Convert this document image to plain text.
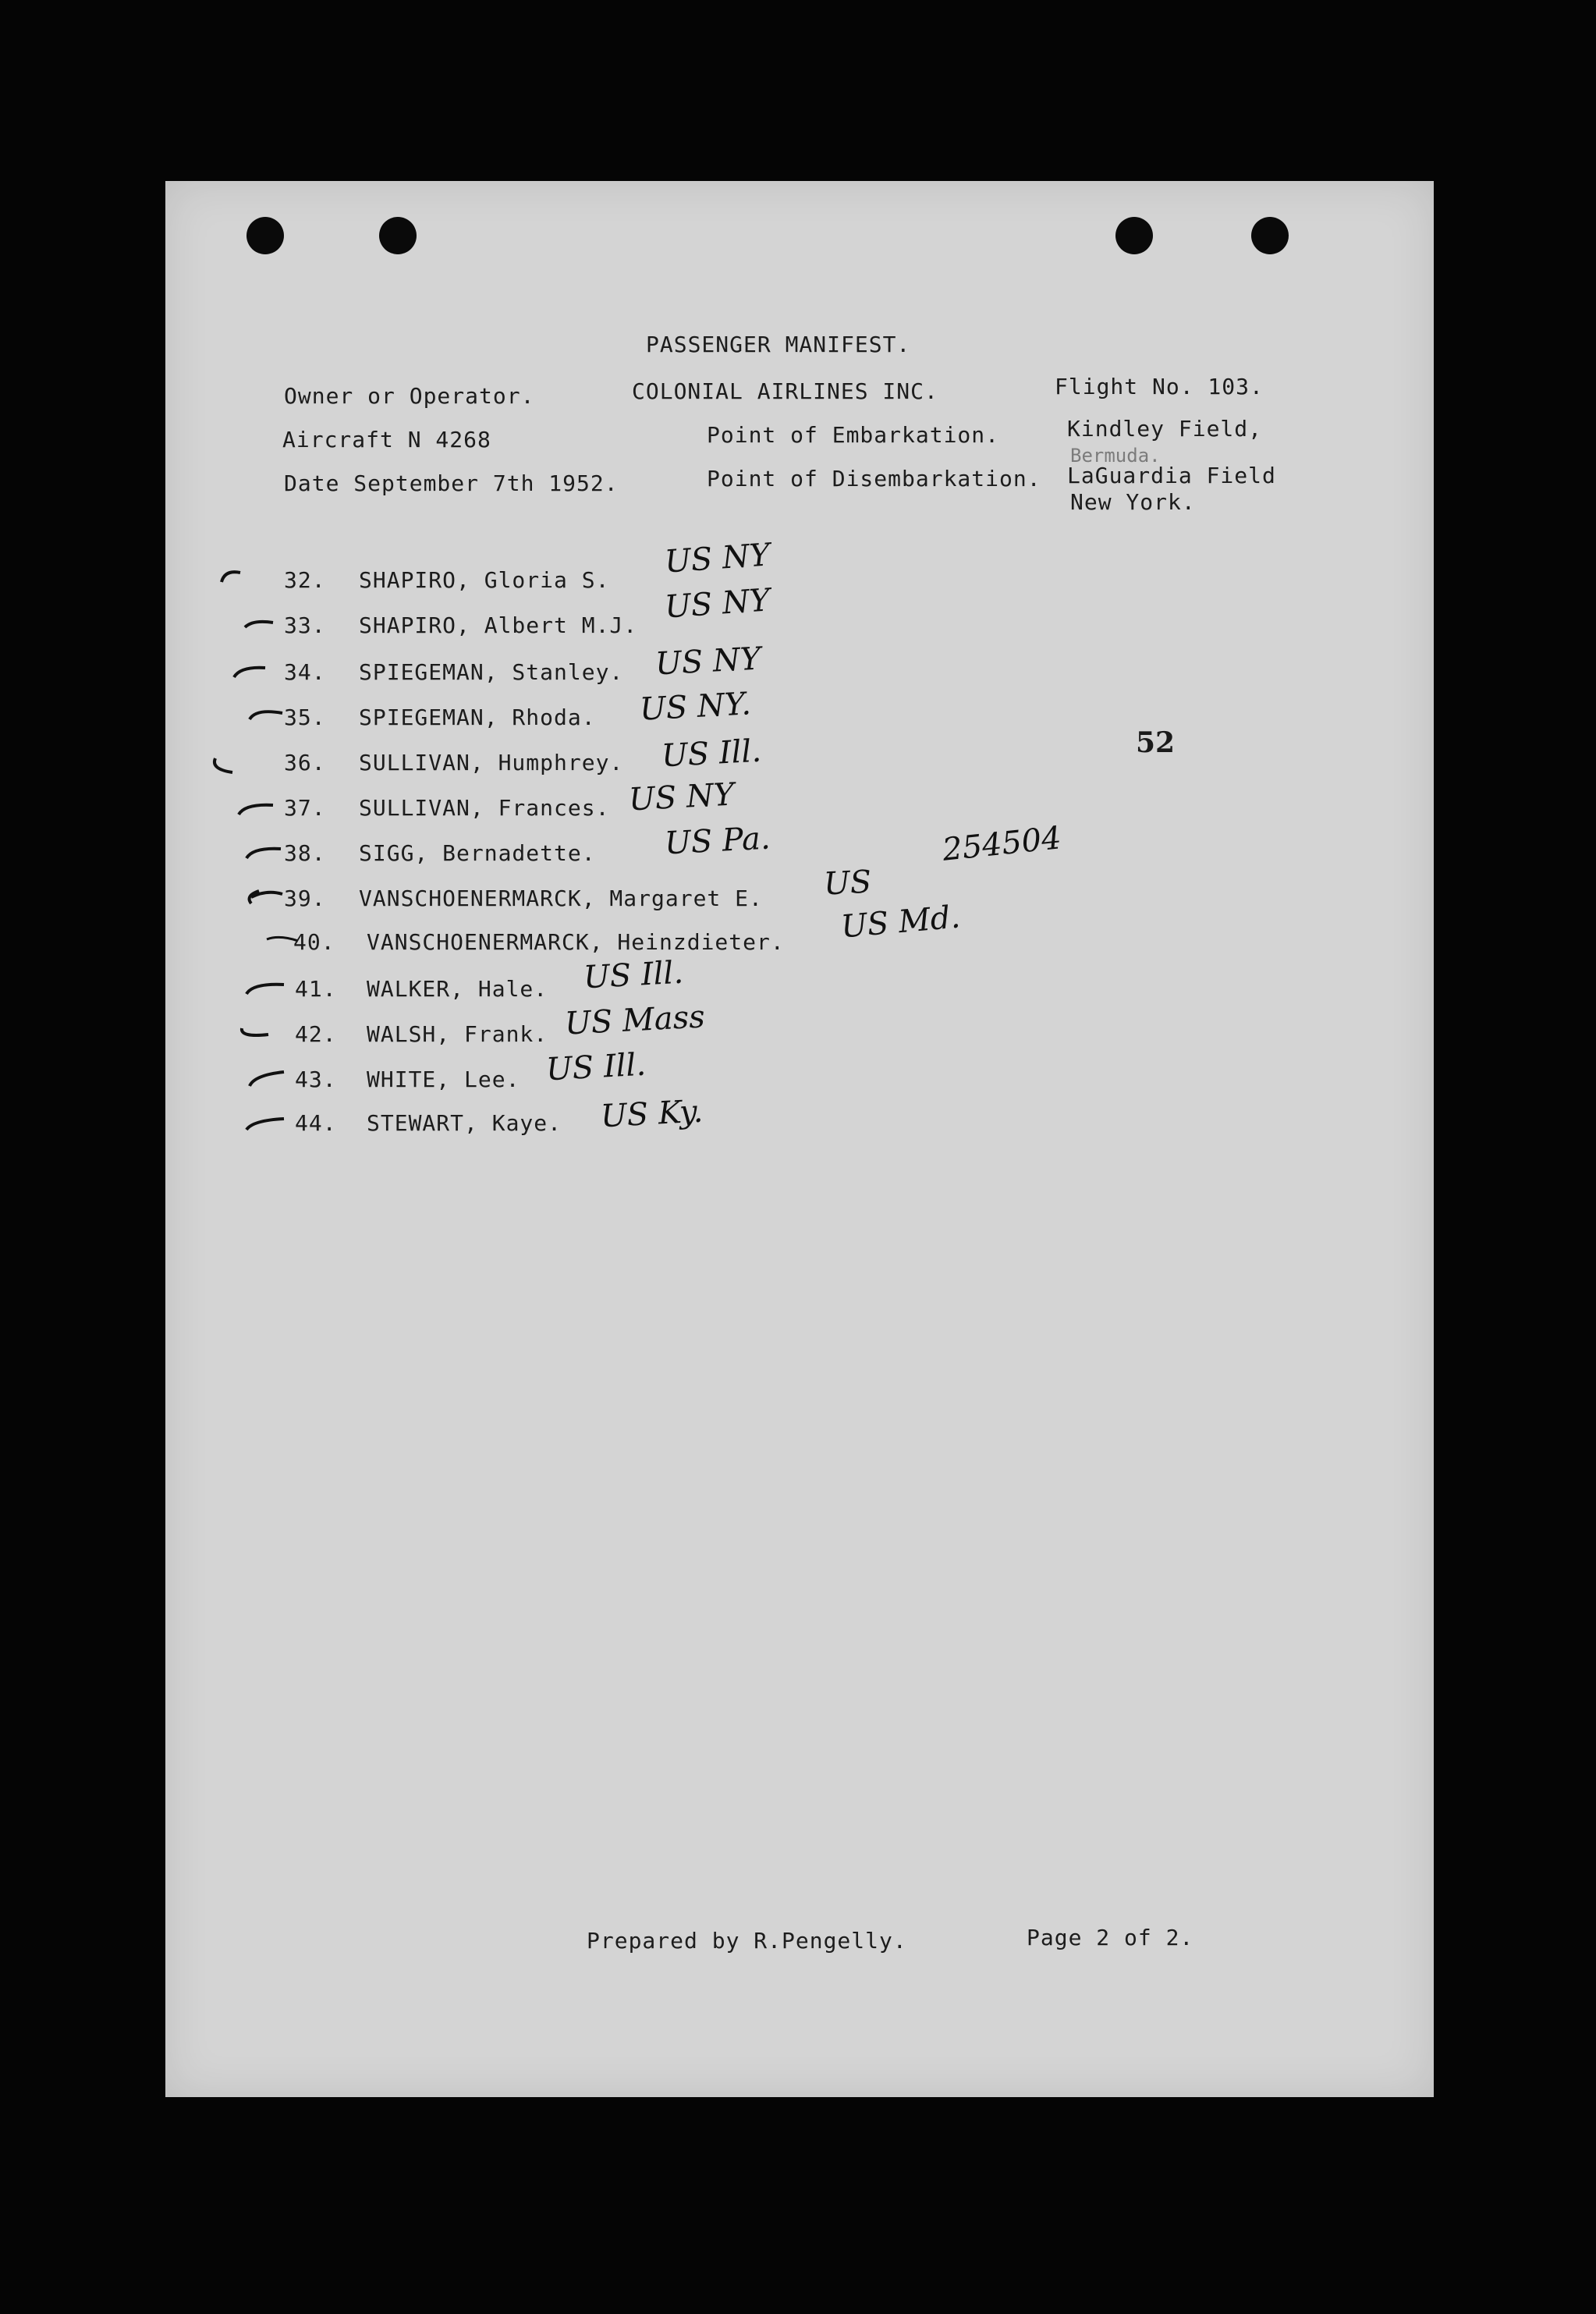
PASSENGER MANIFEST.
Owner or Operator.	COLONIAL AIRLINES INC.	Flight No. 103.
Aircraft N 4268	Point of Embarkation.	Kindley Field,
Bermuda.
Date September 7th 1952.	Point of Disembarkation. LaGuardia Field
New York.
52
254504
32. SHAPIRO, Gloria S. US NY
33. SHAPIRO, Albert M.J. US NY
34. SPIEGEMAN, Stanley. US NY
35. SPIEGEMAN, Rhoda. US NY.
36. SULLIVAN, Humphrey. US Ill.
37. SULLIVAN, Frances. US NY
38. SIGG, Bernadette. US Pa.
39. VANSCHOENERMARCK, Margaret E. US
40. VANSCHOENERMARCK, Heinzdieter. US Md.
41. WALKER, Hale. US Ill.
42. WALSH, Frank. US Mass
43. WHITE, Lee. US Ill.
44. STEWART, Kaye. US Ky.
Prepared by R.Pengelly.	Page 2 of 2.
